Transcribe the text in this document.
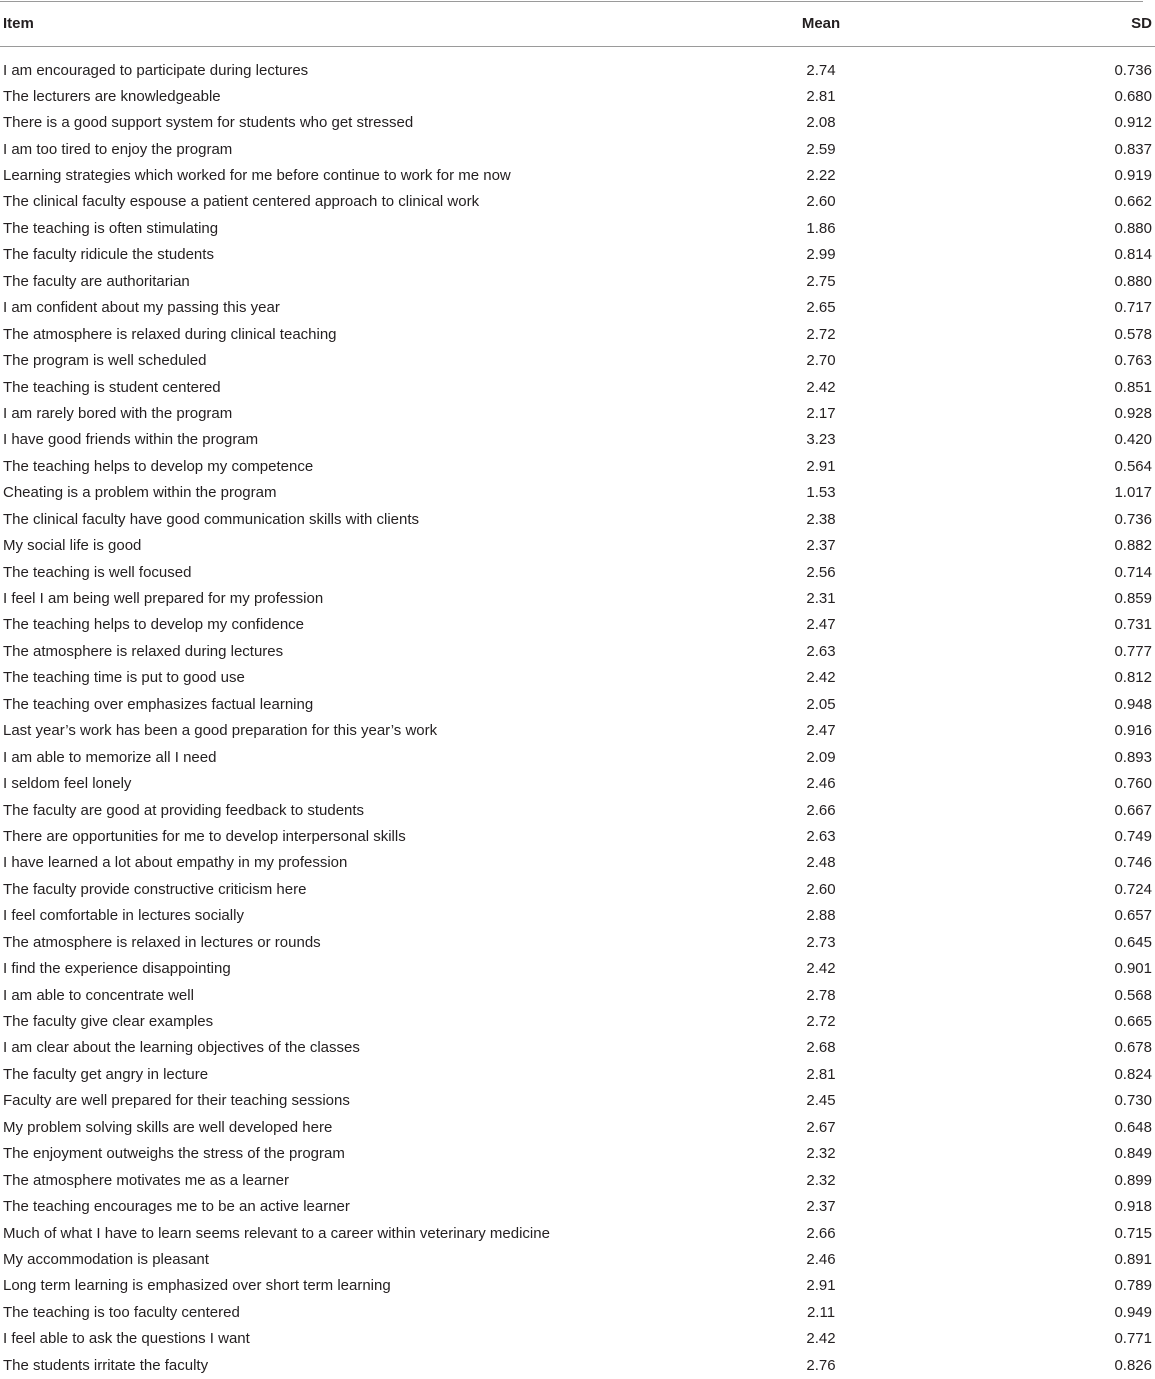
Item	Mean	SD
I am encouraged to participate during lectures	2.74	0.736
The lecturers are knowledgeable	2.81	0.680
There is a good support system for students who get stressed	2.08	0.912
I am too tired to enjoy the program	2.59	0.837
Learning strategies which worked for me before continue to work for me now	2.22	0.919
The clinical faculty espouse a patient centered approach to clinical work	2.60	0.662
The teaching is often stimulating	1.86	0.880
The faculty ridicule the students	2.99	0.814
The faculty are authoritarian	2.75	0.880
I am confident about my passing this year	2.65	0.717
The atmosphere is relaxed during clinical teaching	2.72	0.578
The program is well scheduled	2.70	0.763
The teaching is student centered	2.42	0.851
I am rarely bored with the program	2.17	0.928
I have good friends within the program	3.23	0.420
The teaching helps to develop my competence	2.91	0.564
Cheating is a problem within the program	1.53	1.017
The clinical faculty have good communication skills with clients	2.38	0.736
My social life is good	2.37	0.882
The teaching is well focused	2.56	0.714
I feel I am being well prepared for my profession	2.31	0.859
The teaching helps to develop my confidence	2.47	0.731
The atmosphere is relaxed during lectures	2.63	0.777
The teaching time is put to good use	2.42	0.812
The teaching over emphasizes factual learning	2.05	0.948
Last year’s work has been a good preparation for this year’s work	2.47	0.916
I am able to memorize all I need	2.09	0.893
I seldom feel lonely	2.46	0.760
The faculty are good at providing feedback to students	2.66	0.667
There are opportunities for me to develop interpersonal skills	2.63	0.749
I have learned a lot about empathy in my profession	2.48	0.746
The faculty provide constructive criticism here	2.60	0.724
I feel comfortable in lectures socially	2.88	0.657
The atmosphere is relaxed in lectures or rounds	2.73	0.645
I find the experience disappointing	2.42	0.901
I am able to concentrate well	2.78	0.568
The faculty give clear examples	2.72	0.665
I am clear about the learning objectives of the classes	2.68	0.678
The faculty get angry in lecture	2.81	0.824
Faculty are well prepared for their teaching sessions	2.45	0.730
My problem solving skills are well developed here	2.67	0.648
The enjoyment outweighs the stress of the program	2.32	0.849
The atmosphere motivates me as a learner	2.32	0.899
The teaching encourages me to be an active learner	2.37	0.918
Much of what I have to learn seems relevant to a career within veterinary medicine	2.66	0.715
My accommodation is pleasant	2.46	0.891
Long term learning is emphasized over short term learning	2.91	0.789
The teaching is too faculty centered	2.11	0.949
I feel able to ask the questions I want	2.42	0.771
The students irritate the faculty	2.76	0.826
